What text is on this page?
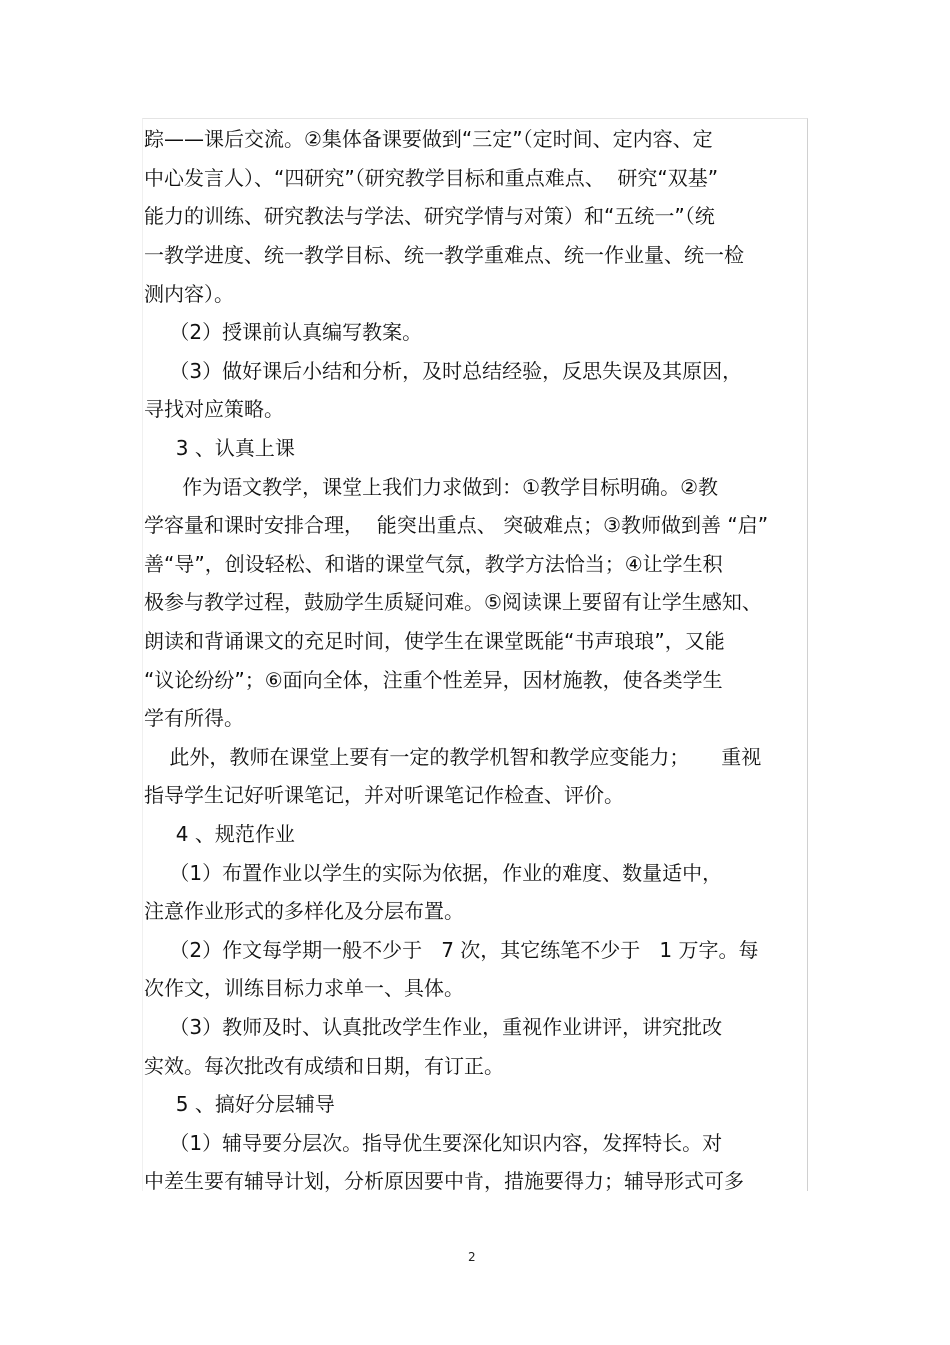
踪——课后交流。②集体备课要做到“三定”（定时间、定内容、定
中心发言人）、“四研究”（研究教学目标和重点难点、  研究“双基”
能力的训练、研究教法与学法、研究学情与对策）和“五统一”（统
一教学进度、统一教学目标、统一教学重难点、统一作业量、统一检
测内容）。
（2）授课前认真编写教案。
（3）做好课后小结和分析，及时总结经验，反思失误及其原因，
寻找对应策略。
3 、认真上课
作为语文教学，课堂上我们力求做到：①教学目标明确。②教
学容量和课时安排合理，  能突出重点、 突破难点；③教师做到善 “启”
善“导”，创设轻松、和谐的课堂气氛，教学方法恰当；④让学生积
极参与教学过程，鼓励学生质疑问难。⑤阅读课上要留有让学生感知、
朗读和背诵课文的充足时间，使学生在课堂既能“书声琅琅”，又能
“议论纷纷”；⑥面向全体，注重个性差异，因材施教，使各类学生
学有所得。
此外，教师在课堂上要有一定的教学机智和教学应变能力；     重视
指导学生记好听课笔记，并对听课笔记作检查、评价。
4 、规范作业
（1）布置作业以学生的实际为依据，作业的难度、数量适中，
注意作业形式的多样化及分层布置。
（2）作文每学期一般不少于   7 次，其它练笔不少于   1 万字。每
次作文，训练目标力求单一、具体。
（3）教师及时、认真批改学生作业，重视作业讲评，讲究批改
实效。每次批改有成绩和日期，有订正。
5 、搞好分层辅导
（1）辅导要分层次。指导优生要深化知识内容，发挥特长。对
中差生要有辅导计划，分析原因要中肯，措施要得力；辅导形式可多
2
